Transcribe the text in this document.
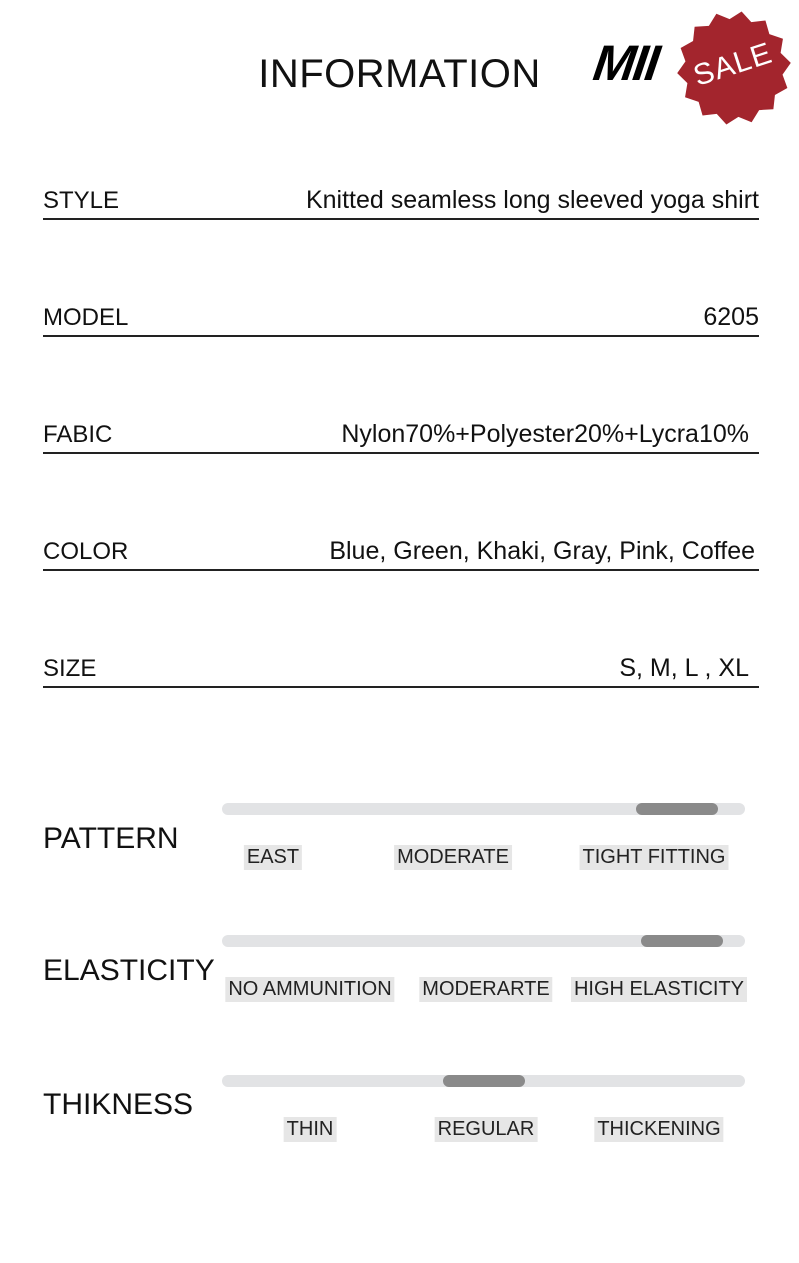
INFORMATION MII SALE
STYLE	Knitted seamless long sleeved yoga shirt
MODEL	6205
FABIC	Nylon70%+Polyester20%+Lycra10%
COLOR	Blue, Green, Khaki, Gray, Pink, Coffee
SIZE	S, M, L , XL
PATTERN
EAST	MODERATE	TIGHT FITTING
ELASTICITY
NO AMMUNITION MODERARTE HIGH ELASTICITY
THIKNESS
THIN	REGULAR	THICKENING
